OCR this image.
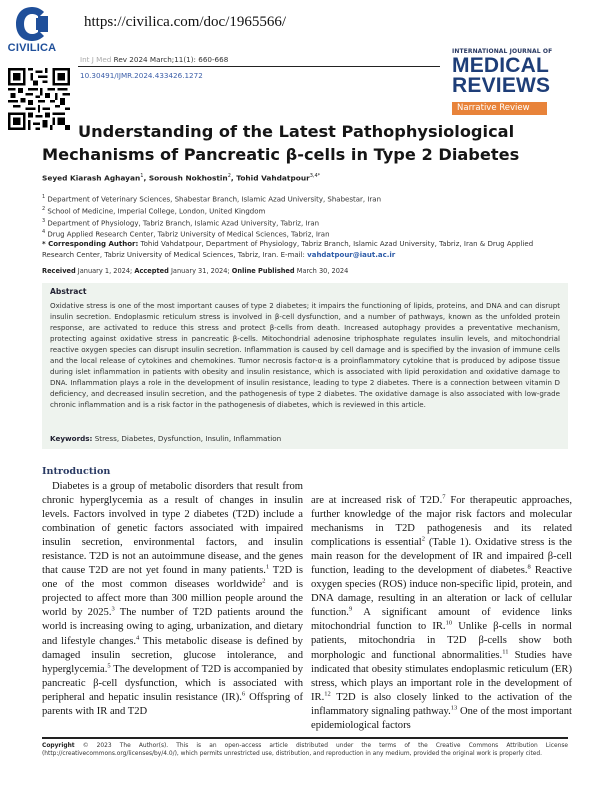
CIVILICA
https://civilica.com/doc/1965566/
Int J Med Rev 2024 March;11(1): 660-668
10.30491/IJMR.2024.433426.1272
INTERNATIONAL JOURNAL OF
MEDICAL
REVIEWS
Narrative Review
Understanding of the Latest Pathophysiological
Mechanisms of Pancreatic β-cells in Type 2 Diabetes
Seyed Kiarash Aghayan$^1$, Soroush Nokhostin$^2$, Tohid Vahdatpour$^{3,4*}$
$^1$ Department of Veterinary Sciences, Shabestar Branch, Islamic Azad University, Shabestar, Iran
$^2$ School of Medicine, Imperial College, London, United Kingdom
$^3$ Department of Physiology, Tabriz Branch, Islamic Azad University, Tabriz, Iran
$^4$ Drug Applied Research Center, Tabriz University of Medical Sciences, Tabriz, Iran
* Corresponding Author: Tohid Vahdatpour, Department of Physiology, Tabriz Branch, Islamic Azad University, Tabriz, Iran & Drug Applied Research Center, Tabriz University of Medical Sciences, Tabriz, Iran. E-mail: vahdatpour@iaut.ac.ir
Received January 1, 2024; Accepted January 31, 2024; Online Published March 30, 2024
Abstract
Oxidative stress is one of the most important causes of type 2 diabetes; it impairs the functioning of lipids, proteins, and DNA and can disrupt insulin secretion. Endoplasmic reticulum stress is involved in β-cell dysfunction, and a number of pathways, known as the unfolded protein response, are activated to reduce this stress and protect β-cells from death. Increased autophagy provides a preventative mechanism, protecting against oxidative stress in pancreatic β-cells. Mitochondrial adenosine triphosphate regulates insulin levels, and mitochondrial reactive oxygen species can disrupt insulin secretion. Inflammation is caused by cell damage and is specified by the invasion of immune cells and the local release of cytokines and chemokines. Tumor necrosis factor-α is a proinflammatory cytokine that is produced by adipose tissue during islet inflammation in patients with obesity and insulin resistance, which is associated with lipid peroxidation and oxidative damage to DNA. Inflammation plays a role in the development of insulin resistance, leading to type 2 diabetes. There is a connection between vitamin D deficiency, and decreased insulin secretion, and the pathogenesis of type 2 diabetes. The oxidative damage is also associated with low-grade chronic inflammation and is a risk factor in the pathogenesis of diabetes, which is reviewed in this article.
Keywords: Stress, Diabetes, Dysfunction, Insulin, Inflammation
Introduction
Diabetes is a group of metabolic disorders that result from chronic hyperglycemia as a result of changes in insulin levels. Factors involved in type 2 diabetes (T2D) include a combination of genetic factors associated with impaired insulin secretion, environmental factors, and insulin resistance. T2D is not an autoimmune disease, and the genes that cause T2D are not yet found in many patients.$^1$ T2D is one of the most common diseases worldwide$^2$ and is projected to affect more than 300 million people around the world by 2025.$^3$ The number of T2D patients around the world is increasing owing to aging, urbanization, and dietary and lifestyle changes.$^4$ This metabolic disease is defined by damaged insulin secretion, glucose intolerance, and hyperglycemia.$^5$ The development of T2D is accompanied by pancreatic β-cell dysfunction, which is associated with peripheral and hepatic insulin resistance (IR).$^6$ Offspring of parents with IR and T2D
are at increased risk of T2D.$^7$ For therapeutic approaches, further knowledge of the major risk factors and molecular mechanisms in T2D pathogenesis and its related complications is essential$^2$ (Table 1). Oxidative stress is the main reason for the development of IR and impaired β-cell function, leading to the development of diabetes.$^8$ Reactive oxygen species (ROS) induce non-specific lipid, protein, and DNA damage, resulting in an alteration or lack of cellular function.$^9$ A significant amount of evidence links mitochondrial function to IR.$^{10}$ Unlike β-cells in normal patients, mitochondria in T2D β-cells show both morphologic and functional abnormalities.$^{11}$ Studies have indicated that obesity stimulates endoplasmic reticulum (ER) stress, which plays an important role in the development of IR.$^{12}$ T2D is also closely linked to the activation of the inflammatory signaling pathway.$^{13}$ One of the most important epidemiological factors
Copyright © 2023 The Author(s). This is an open-access article distributed under the terms of the Creative Commons Attribution License (http://creativecommons.org/licenses/by/4.0/), which permits unrestricted use, distribution, and reproduction in any medium, provided the original work is properly cited.
